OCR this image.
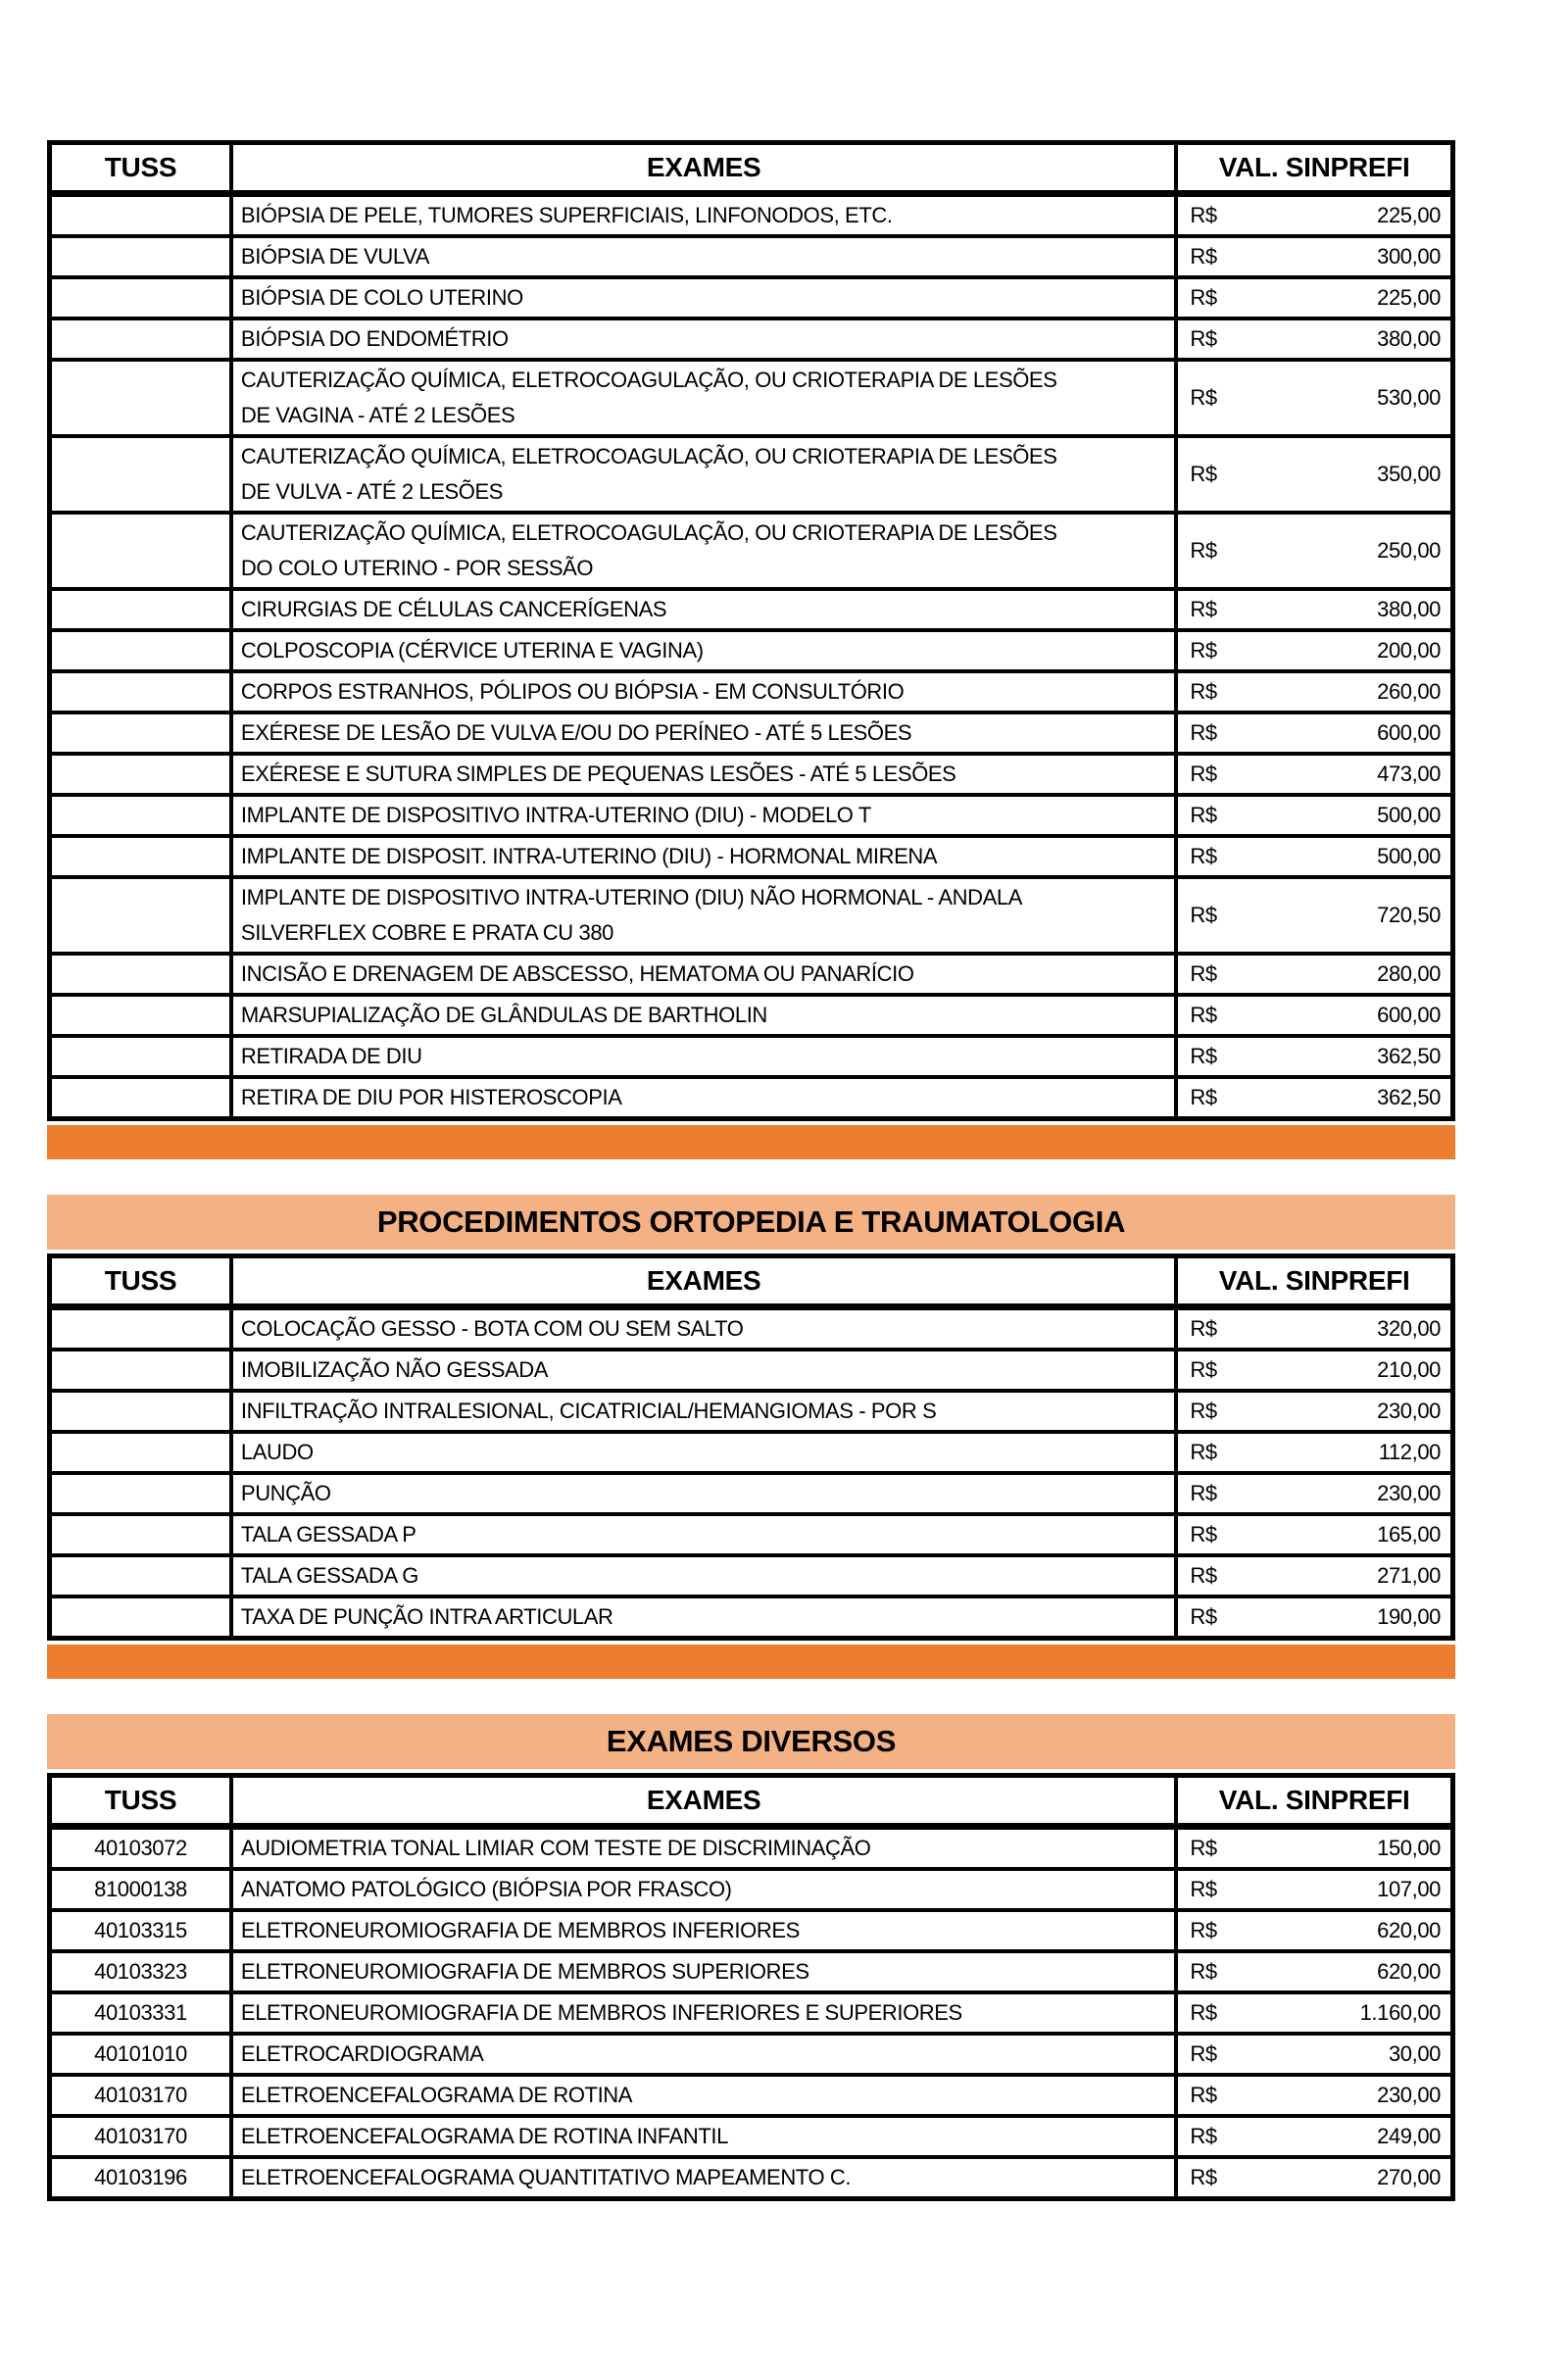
TUSS	EXAMES	VAL. SINPREFI
	BIÓPSIA DE PELE, TUMORES SUPERFICIAIS, LINFONODOS, ETC.	R$ 225,00

	BIÓPSIA DE VULVA	R$ 300,00

	BIÓPSIA DE COLO UTERINO	R$ 225,00

	BIÓPSIA DO ENDOMÉTRIO	R$ 380,00

	CAUTERIZAÇÃO QUÍMICA, ELETROCOAGULAÇÃO, OU CRIOTERAPIA DE LESÕES
DE VAGINA - ATÉ 2 LESÕES	R$ 530,00

	CAUTERIZAÇÃO QUÍMICA, ELETROCOAGULAÇÃO, OU CRIOTERAPIA DE LESÕES
DE VULVA - ATÉ 2 LESÕES	R$ 350,00

	CAUTERIZAÇÃO QUÍMICA, ELETROCOAGULAÇÃO, OU CRIOTERAPIA DE LESÕES
DO COLO UTERINO - POR SESSÃO	R$ 250,00

	CIRURGIAS DE CÉLULAS CANCERÍGENAS	R$ 380,00

	COLPOSCOPIA (CÉRVICE UTERINA E VAGINA)	R$ 200,00

	CORPOS ESTRANHOS, PÓLIPOS OU BIÓPSIA - EM CONSULTÓRIO	R$ 260,00

	EXÉRESE DE LESÃO DE VULVA E/OU DO PERÍNEO - ATÉ 5 LESÕES	R$ 600,00

	EXÉRESE E SUTURA SIMPLES DE PEQUENAS LESÕES - ATÉ 5 LESÕES	R$ 473,00

	IMPLANTE DE DISPOSITIVO INTRA-UTERINO (DIU) - MODELO T	R$ 500,00

	IMPLANTE DE DISPOSIT. INTRA-UTERINO (DIU) - HORMONAL MIRENA	R$ 500,00

	IMPLANTE DE DISPOSITIVO INTRA-UTERINO (DIU) NÃO HORMONAL - ANDALA
SILVERFLEX COBRE E PRATA CU 380	R$ 720,50

	INCISÃO E DRENAGEM DE ABSCESSO, HEMATOMA OU PANARÍCIO	R$ 280,00

	MARSUPIALIZAÇÃO DE GLÂNDULAS DE BARTHOLIN	R$ 600,00

	RETIRADA DE DIU	R$ 362,50

	RETIRA DE DIU POR HISTEROSCOPIA	R$ 362,50
PROCEDIMENTOS ORTOPEDIA E TRAUMATOLOGIA
TUSS	EXAMES	VAL. SINPREFI
	COLOCAÇÃO GESSO - BOTA COM OU SEM SALTO	R$ 320,00

	IMOBILIZAÇÃO NÃO GESSADA	R$ 210,00

	INFILTRAÇÃO INTRALESIONAL, CICATRICIAL/HEMANGIOMAS - POR S	R$ 230,00

	LAUDO	R$ 112,00

	PUNÇÃO	R$ 230,00

	TALA GESSADA P	R$ 165,00

	TALA GESSADA G	R$ 271,00

	TAXA DE PUNÇÃO INTRA ARTICULAR	R$ 190,00
EXAMES DIVERSOS
TUSS	EXAMES	VAL. SINPREFI
40103072	AUDIOMETRIA TONAL LIMIAR COM TESTE DE DISCRIMINAÇÃO	R$ 150,00

81000138	ANATOMO PATOLÓGICO (BIÓPSIA POR FRASCO)	R$ 107,00

40103315	ELETRONEUROMIOGRAFIA DE MEMBROS INFERIORES	R$ 620,00

40103323	ELETRONEUROMIOGRAFIA DE MEMBROS SUPERIORES	R$ 620,00

40103331	ELETRONEUROMIOGRAFIA DE MEMBROS INFERIORES E SUPERIORES	R$ 1.160,00

40101010	ELETROCARDIOGRAMA	R$ 30,00

40103170	ELETROENCEFALOGRAMA DE ROTINA	R$ 230,00

40103170	ELETROENCEFALOGRAMA DE ROTINA INFANTIL	R$ 249,00

40103196	ELETROENCEFALOGRAMA QUANTITATIVO MAPEAMENTO C.	R$ 270,00
